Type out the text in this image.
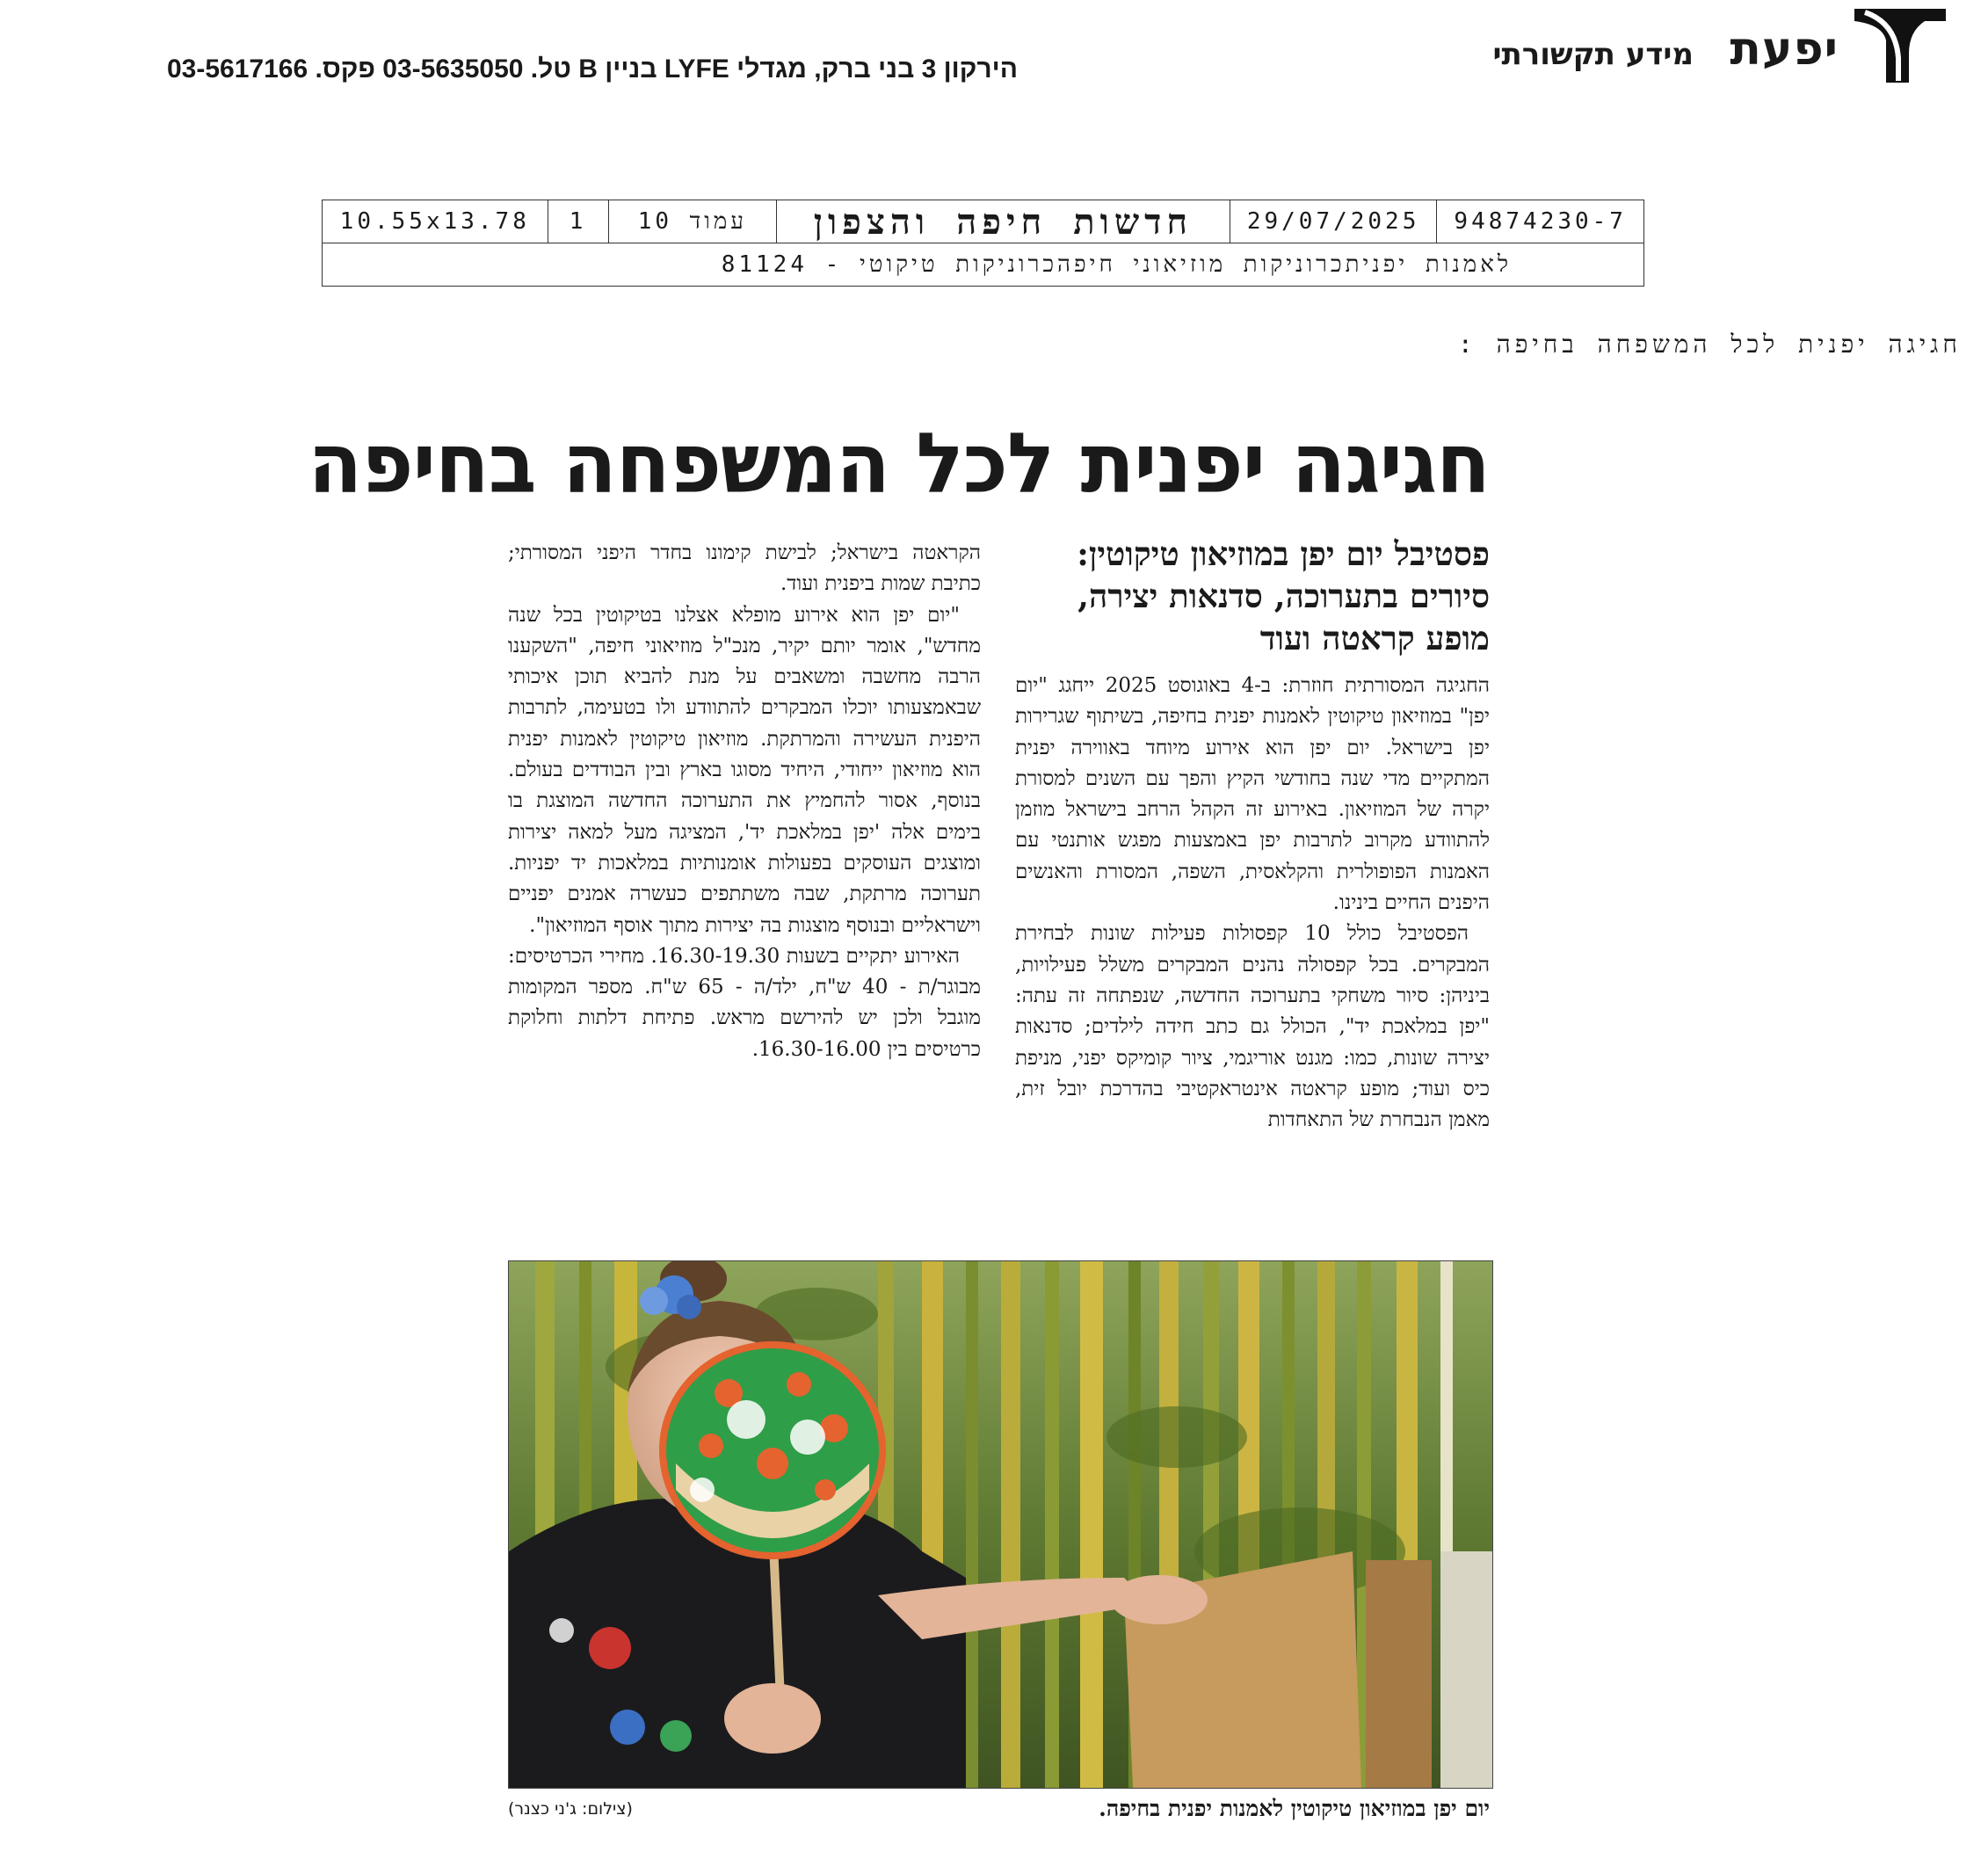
יפעת
מידע תקשורתי
הירקון 3 בני ברק, מגדלי LYFE בניין B טל. 03-5635050 פקס. 03-5617166
94874230-7	29/07/2025	חדשות חיפה והצפון	עמוד 10	1	10.55x13.78
לאמנות יפניתכרוניקות מוזיאוני חיפהכרוניקות טיקוטי - 81124
חגיגה יפנית לכל המשפחה בחיפה :
חגיגה יפנית לכל המשפחה בחיפה
פסטיבל יום יפן במוזיאון טיקוטין: סיורים בתערוכה, סדנאות יצירה, מופע קראטה ועוד

החגיגה המסורתית חוזרת: ב-4 באוגוסט 2025 ייחגג "יום יפן" במוזיאון טיקוטין לאמנות יפנית בחיפה, בשיתוף שגרירות יפן בישראל. יום יפן הוא אירוע מיוחד באווירה יפנית המתקיים מדי שנה בחודשי הקיץ והפך עם השנים למסורת יקרה של המוזיאון. באירוע זה הקהל הרחב בישראל מוזמן להתוודע מקרוב לתרבות יפן באמצעות מפגש אותנטי עם האמנות הפופולרית והקלאסית, השפה, המסורת והאנשים היפנים החיים בינינו.

הפסטיבל כולל 10 קפסולות פעילות שונות לבחירת המבקרים. בכל קפסולה נהנים המבקרים משלל פעילויות, ביניהן: סיור משחקי בתערוכה החדשה, שנפתחה זה עתה: "יפן במלאכת יד", הכולל גם כתב חידה לילדים; סדנאות יצירה שונות, כמו: מגנט אוריגמי, ציור קומיקס יפני, מניפת כיס ועוד; מופע קראטה אינטראקטיבי בהדרכת יובל זית, מאמן הנבחרת של התאחדות

הקראטה בישראל; לבישת קימונו בחדר היפני המסורתי; כתיבת שמות ביפנית ועוד.

"יום יפן הוא אירוע מופלא אצלנו בטיקוטין בכל שנה מחדש", אומר יותם יקיר, מנכ"ל מוזיאוני חיפה, "השקענו הרבה מחשבה ומשאבים על מנת להביא תוכן איכותי שבאמצעותו יוכלו המבקרים להתוודע ולו בטעימה, לתרבות היפנית העשירה והמרתקת. מוזיאון טיקוטין לאמנות יפנית הוא מוזיאון ייחודי, היחיד מסוגו בארץ ובין הבודדים בעולם. בנוסף, אסור להחמיץ את התערוכה החדשה המוצגת בו בימים אלה 'יפן במלאכת יד', המציגה מעל למאה יצירות ומוצגים העוסקים בפעולות אומנותיות במלאכות יד יפניות. תערוכה מרתקת, שבה משתתפים כעשרה אמנים יפניים וישראליים ובנוסף מוצגות בה יצירות מתוך אוסף המוזיאון".

האירוע יתקיים בשעות 16.30-19.30. מחירי הכרטיסים: מבוגר/ת - 40 ש"ח, ילד/ה - 65 ש"ח. מספר המקומות מוגבל ולכן יש להירשם מראש. פתיחת דלתות וחלוקת כרטיסים בין 16.30-16.00.

יום יפן במוזיאון טיקוטין לאמנות יפנית בחיפה.
(צילום: ג'ני כצנר)
